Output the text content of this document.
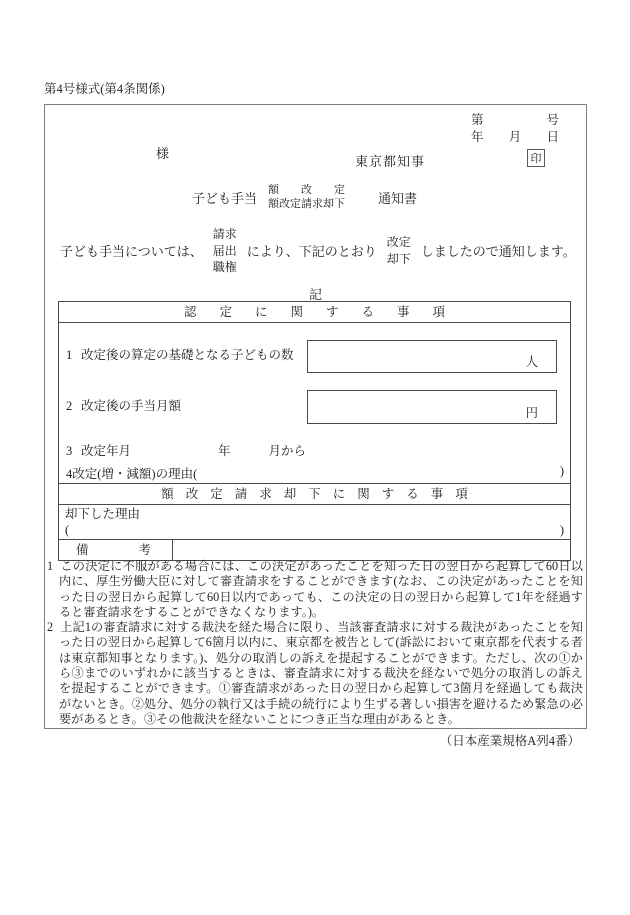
第4号様式(第4条関係)
第	号
年 月 日
様
東京都知事	印
子ども手当
額改定
額改定請求却下	通知書
子ども手当については、
請求
届出
職権
により、下記のとおり
改定
却下 しましたので通知します。
記
認定に関する事項
1 改定後の算定の基礎となる子どもの数	人
2 改定後の手当月額	円
3 改定年月	年	月から
4改定(増・減額)の理由(	)
額改定請求却下に関する事項
却下した理由
(	)
備　　　　考
1 この決定に不服がある場合には、この決定があったことを知った日の翌日から起算して60日以内に、厚生労働大臣に対して審査請求をすることができます(なお、この決定があったことを知った日の翌日から起算して60日以内であっても、この決定の日の翌日から起算して1年を経過すると審査請求をすることができなくなります。)。
2 上記1の審査請求に対する裁決を経た場合に限り、当該審査請求に対する裁決があったことを知った日の翌日から起算して6箇月以内に、東京都を被告として(訴訟において東京都を代表する者は東京都知事となります。)、処分の取消しの訴えを提起することができます。ただし、次の①から③までのいずれかに該当するときは、審査請求に対する裁決を経ないで処分の取消しの訴えを提起することができます。①審査請求があった日の翌日から起算して3箇月を経過しても裁決がないとき。②処分、処分の執行又は手続の続行により生ずる著しい損害を避けるため緊急の必要があるとき。③その他裁決を経ないことにつき正当な理由があるとき。
（日本産業規格A列4番）
